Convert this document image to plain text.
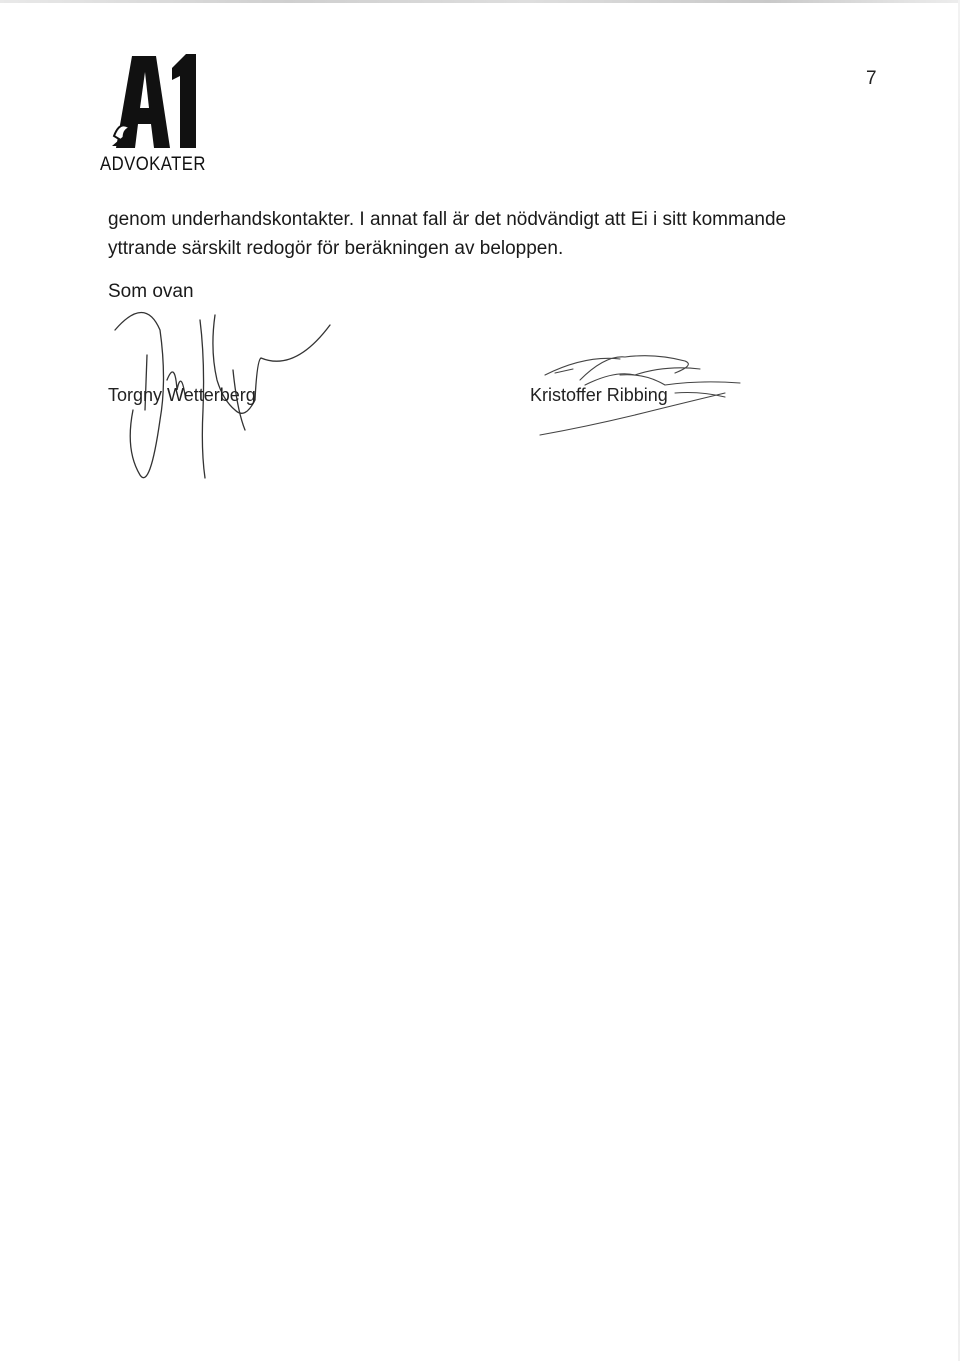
ADVOKATER
7

genom underhandskontakter. I annat fall är det nödvändigt att Ei i sitt kommande

yttrande särskilt redogör för beräkningen av beloppen.

Som ovan
Torgny Wetterberg	Kristoffer Ribbing
